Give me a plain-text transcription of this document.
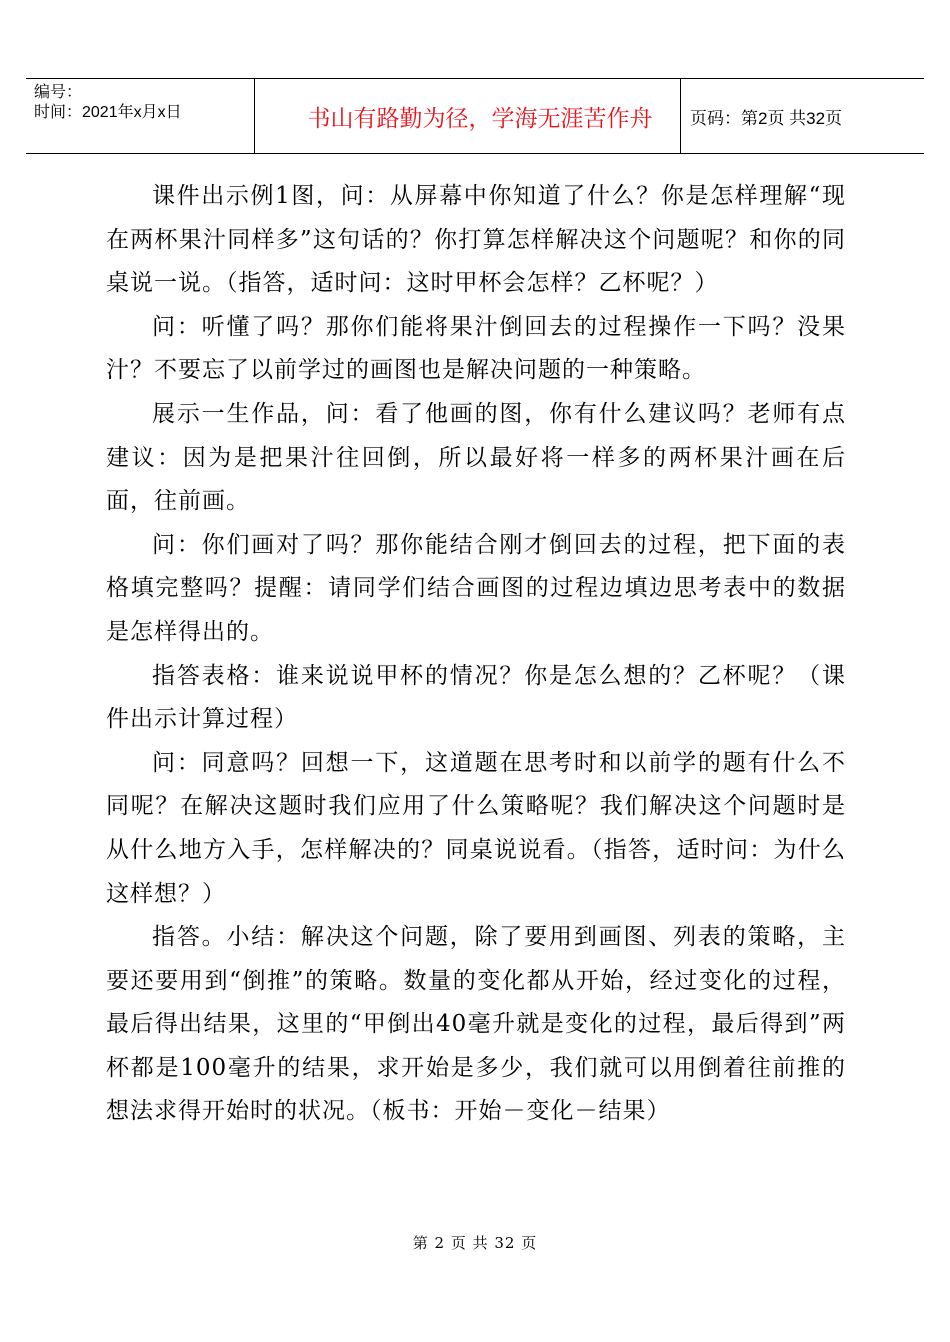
编号：
时间：2021年x月x日	书山有路勤为径，学海无涯苦作舟	页码：第2页 共32页

课件出示例1图，问：从屏幕中你知道了什么？你是怎样理解“现在两杯果汁同样多”这句话的？你打算怎样解决这个问题呢？和你的同桌说一说。（指答，适时问：这时甲杯会怎样？乙杯呢？）

问：听懂了吗？那你们能将果汁倒回去的过程操作一下吗？没果汁？不要忘了以前学过的画图也是解决问题的一种策略。

展示一生作品，问：看了他画的图，你有什么建议吗？老师有点建议：因为是把果汁往回倒，所以最好将一样多的两杯果汁画在后面，往前画。

问：你们画对了吗？那你能结合刚才倒回去的过程，把下面的表格填完整吗？提醒：请同学们结合画图的过程边填边思考表中的数据是怎样得出的。

指答表格：谁来说说甲杯的情况？你是怎么想的？乙杯呢？（课件出示计算过程）

问：同意吗？回想一下，这道题在思考时和以前学的题有什么不同呢？在解决这题时我们应用了什么策略呢？我们解决这个问题时是从什么地方入手，怎样解决的？同桌说说看。（指答，适时问：为什么这样想？）

指答。小结：解决这个问题，除了要用到画图、列表的策略，主要还要用到“倒推”的策略。数量的变化都从开始，经过变化的过程，最后得出结果，这里的“甲倒出40毫升就是变化的过程，最后得到”两杯都是100毫升的结果，求开始是多少，我们就可以用倒着往前推的想法求得开始时的状况。（板书：开始－变化－结果）

第 2 页 共 32 页
